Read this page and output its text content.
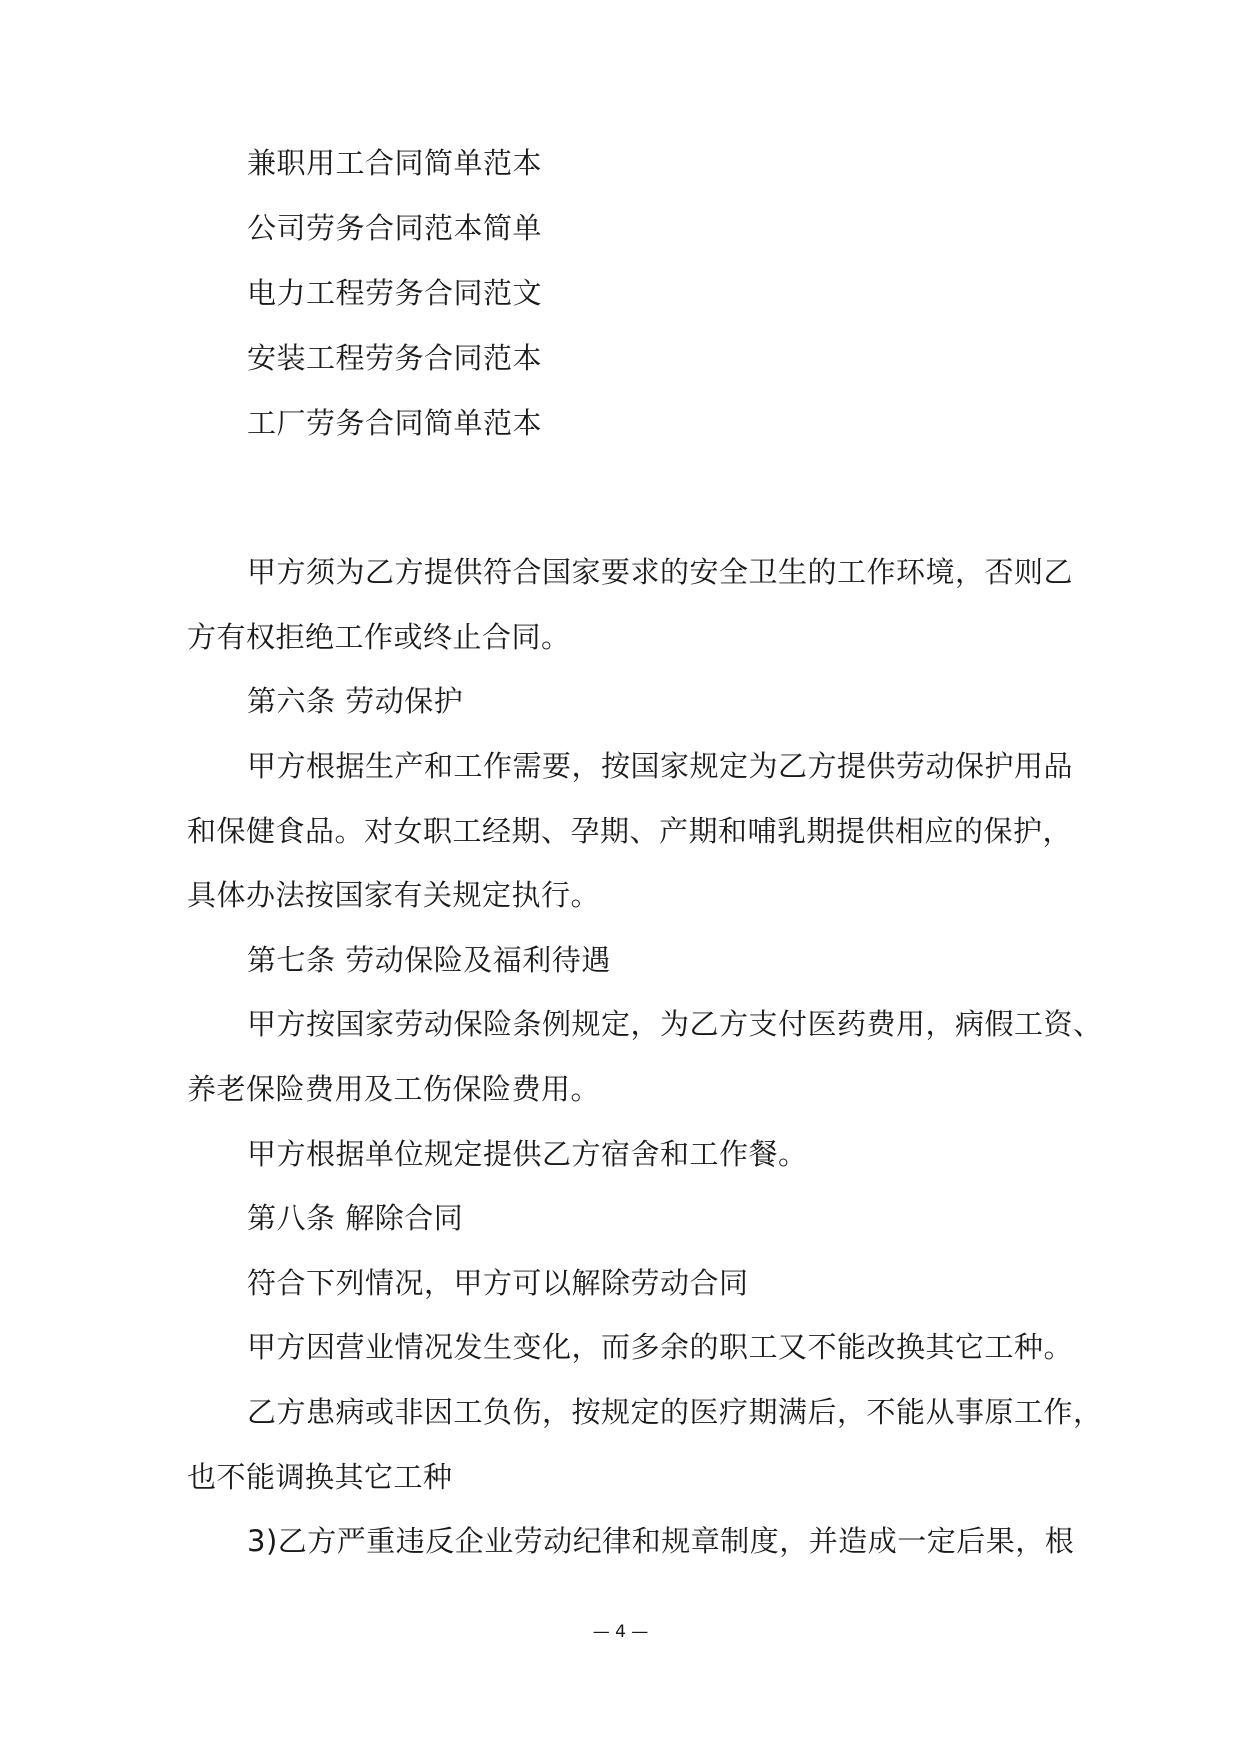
兼职用工合同简单范本
公司劳务合同范本简单
电力工程劳务合同范文
安装工程劳务合同范本
工厂劳务合同简单范本
甲方须为乙方提供符合国家要求的安全卫生的工作环境，否则乙
方有权拒绝工作或终止合同。
第六条 劳动保护
甲方根据生产和工作需要，按国家规定为乙方提供劳动保护用品
和保健食品。对女职工经期、孕期、产期和哺乳期提供相应的保护，
具体办法按国家有关规定执行。
第七条 劳动保险及福利待遇
甲方按国家劳动保险条例规定，为乙方支付医药费用，病假工资、
养老保险费用及工伤保险费用。
甲方根据单位规定提供乙方宿舍和工作餐。
第八条 解除合同
符合下列情况，甲方可以解除劳动合同
甲方因营业情况发生变化，而多余的职工又不能改换其它工种。
乙方患病或非因工负伤，按规定的医疗期满后，不能从事原工作，
也不能调换其它工种
3)乙方严重违反企业劳动纪律和规章制度，并造成一定后果，根
— 4 —
